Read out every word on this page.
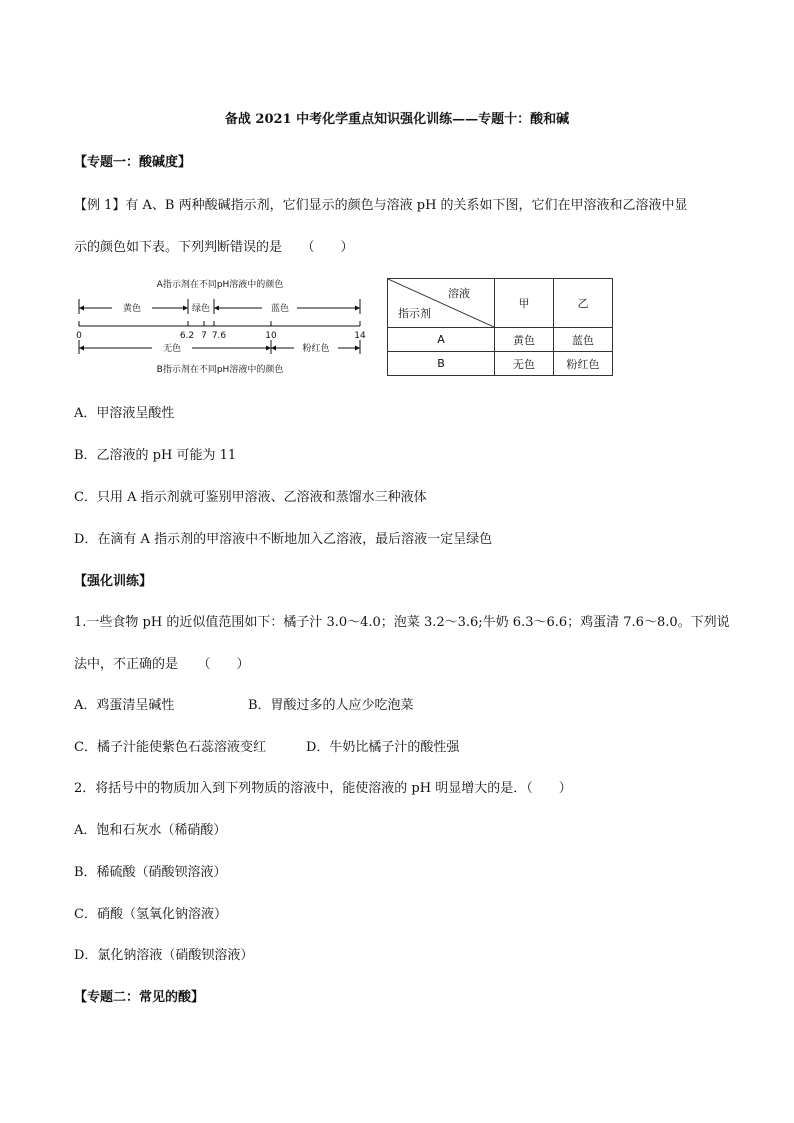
备战 2021 中考化学重点知识强化训练——专题十：酸和碱
【专题一：酸碱度】
【例 1】有 A、B 两种酸碱指示剂，它们显示的颜色与溶液 pH 的关系如下图，它们在甲溶液和乙溶液中显
示的颜色如下表。下列判断错误的是　　（　　）
A指示剂在不同pH溶液中的颜色
黄色	绿色	蓝色
0	6.2 7 7.6	10	14
无色	粉红色
B指示剂在不同pH溶液中的颜色
溶液
指示剂	甲	乙
A	黄色	蓝色
B	无色	粉红色
A．甲溶液呈酸性
B．乙溶液的 pH 可能为 11
C．只用 A 指示剂就可鉴别甲溶液、乙溶液和蒸馏水三种液体
D．在滴有 A 指示剂的甲溶液中不断地加入乙溶液，最后溶液一定呈绿色
【强化训练】
1.一些食物 pH 的近似值范围如下：橘子汁 3.0～4.0；泡菜 3.2～3.6;牛奶 6.3～6.6；鸡蛋清 7.6～8.0。下列说
法中，不正确的是　　（　　）
A．鸡蛋清呈碱性	B．胃酸过多的人应少吃泡菜
C．橘子汁能使紫色石蕊溶液变红	D．牛奶比橘子汁的酸性强
2．将括号中的物质加入到下列物质的溶液中，能使溶液的 pH 明显增大的是．（　　）
A．饱和石灰水（稀硝酸）
B．稀硫酸（硝酸钡溶液）
C．硝酸（氢氧化钠溶液）
D．氯化钠溶液（硝酸钡溶液）
【专题二：常见的酸】
